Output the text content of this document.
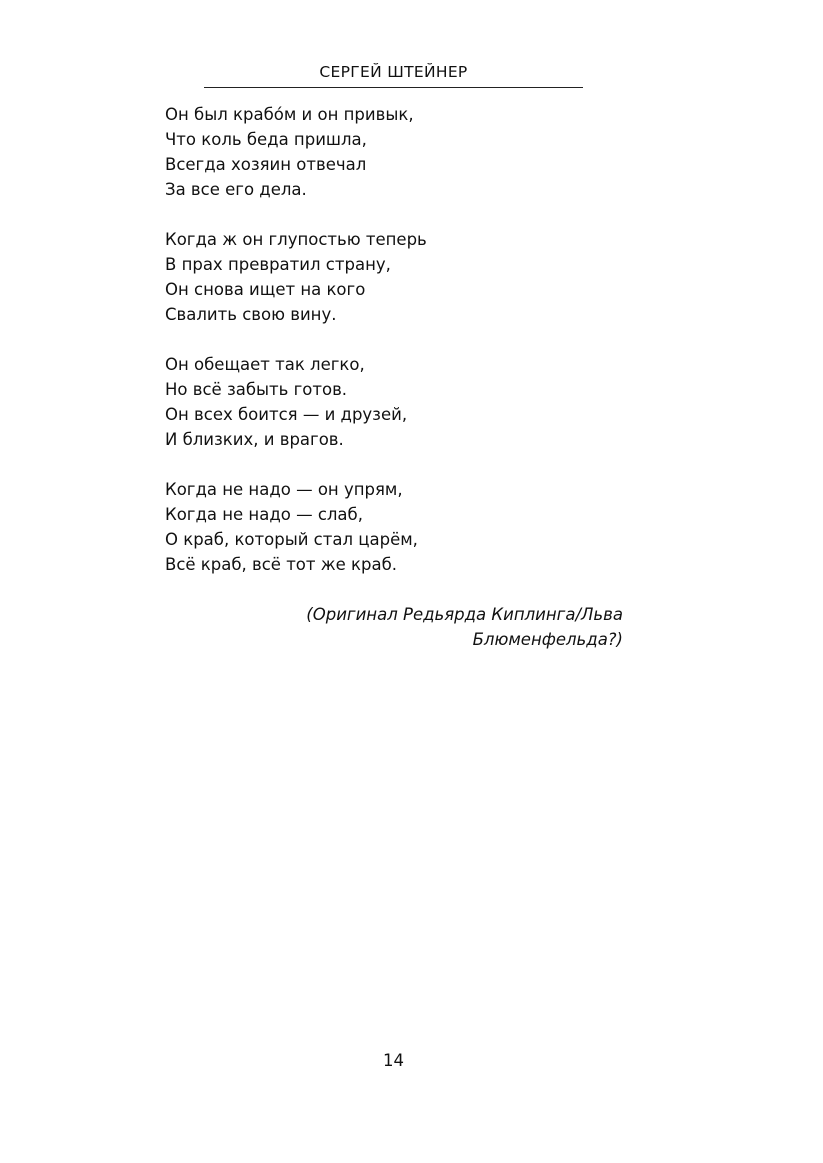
СЕРГЕЙ ШТЕЙНЕР
Он был крабо́м и он привык,
Что коль беда пришла,
Всегда хозяин отвечал
За все его дела.
Когда ж он глупостью теперь
В прах превратил страну,
Он снова ищет на кого
Свалить свою вину.
Он обещает так легко,
Но всё забыть готов.
Он всех боится — и друзей,
И близких, и врагов.
Когда не надо — он упрям,
Когда не надо — слаб,
О краб, который стал царём,
Всё краб, всё тот же краб.
(Оригинал Редьярда Киплинга/Льва
Блюменфельда?)
14
